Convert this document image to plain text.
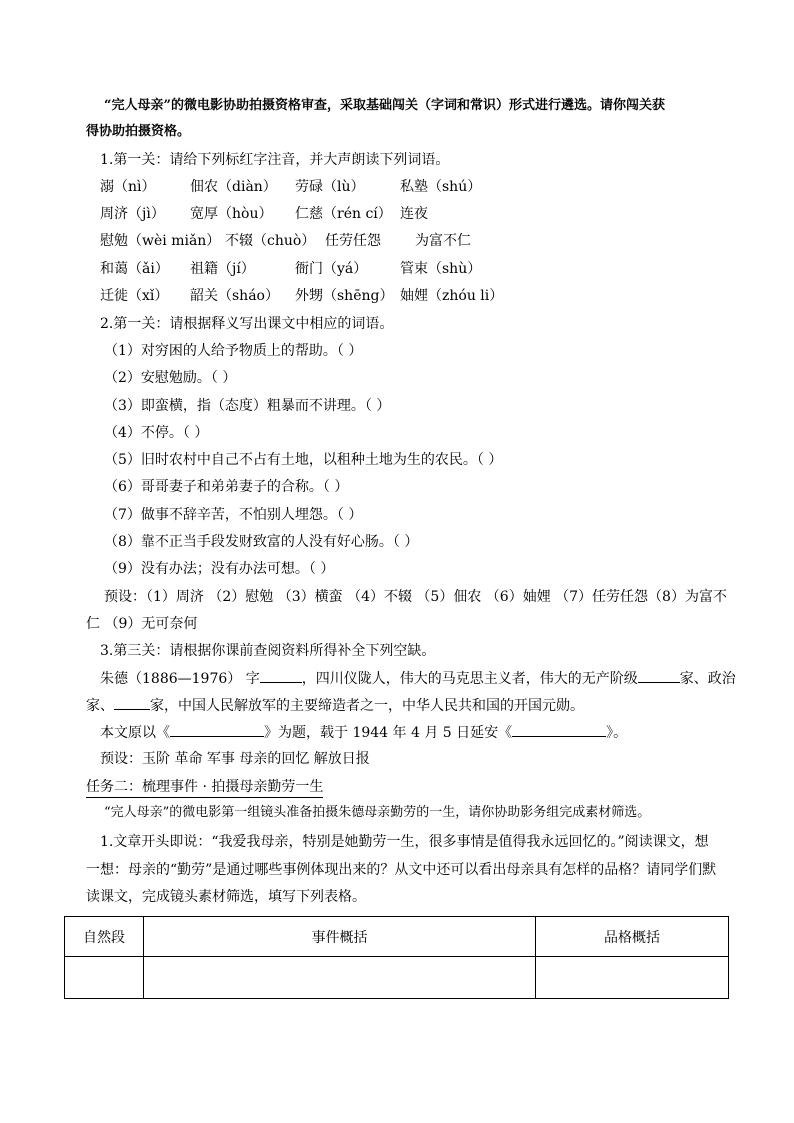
“完人母亲”的微电影协助拍摄资格审查，采取基础闯关（字词和常识）形式进行遴选。请你闯关获
得协助拍摄资格。
1.第一关：请给下列标红字注音，并大声朗读下列词语。
溺（nì） 佃农（diàn） 劳碌（lù）	私塾（shú）
周济（jì） 宽厚（hòu） 仁慈（rén cí） 连夜
慰勉（wèi miǎn） 不辍（chuò） 任劳任怨 为富不仁
和蔼（ǎi） 祖籍（jí）	衙门（yá） 管束（shù）
迁徙（xǐ） 韶关（sháo） 外甥（shēng） 妯娌（zhóu li）
2.第一关：请根据释义写出课文中相应的词语。
（1）对穷困的人给予物质上的帮助。（ ）
（2）安慰勉励。（ ）
（3）即蛮横，指（态度）粗暴而不讲理。（ ）
（4）不停。（ ）
（5）旧时农村中自己不占有土地，以租种土地为生的农民。（ ）
（6）哥哥妻子和弟弟妻子的合称。（ ）
（7）做事不辞辛苦，不怕别人埋怨。（ ）
（8）靠不正当手段发财致富的人没有好心肠。（ ）
（9）没有办法；没有办法可想。（ ）
预设：（1）周济 （2）慰勉 （3）横蛮 （4）不辍 （5）佃农 （6）妯娌 （7）任劳任怨（8）为富不
仁 （9）无可奈何
3.第三关：请根据你课前查阅资料所得补全下列空缺。
朱德（1886—1976） 字	，四川仪陇人，伟大的马克思主义者，伟大的无产阶级	家、政治
家、	家，中国人民解放军的主要缔造者之一，中华人民共和国的开国元勋。
本文原以《	》为题，载于 1944 年 4 月 5 日延安《	》。
预设：玉阶 革命 军事 母亲的回忆 解放日报
任务二：梳理事件 · 拍摄母亲勤劳一生
“完人母亲”的微电影第一组镜头准备拍摄朱德母亲勤劳的一生，请你协助影务组完成素材筛选。
1.文章开头即说：“我爱我母亲，特别是她勤劳一生，很多事情是值得我永远回忆的。”阅读课文，想
一想：母亲的“勤劳”是通过哪些事例体现出来的？从文中还可以看出母亲具有怎样的品格？请同学们默
读课文，完成镜头素材筛选，填写下列表格。
自然段	事件概括	品格概括
